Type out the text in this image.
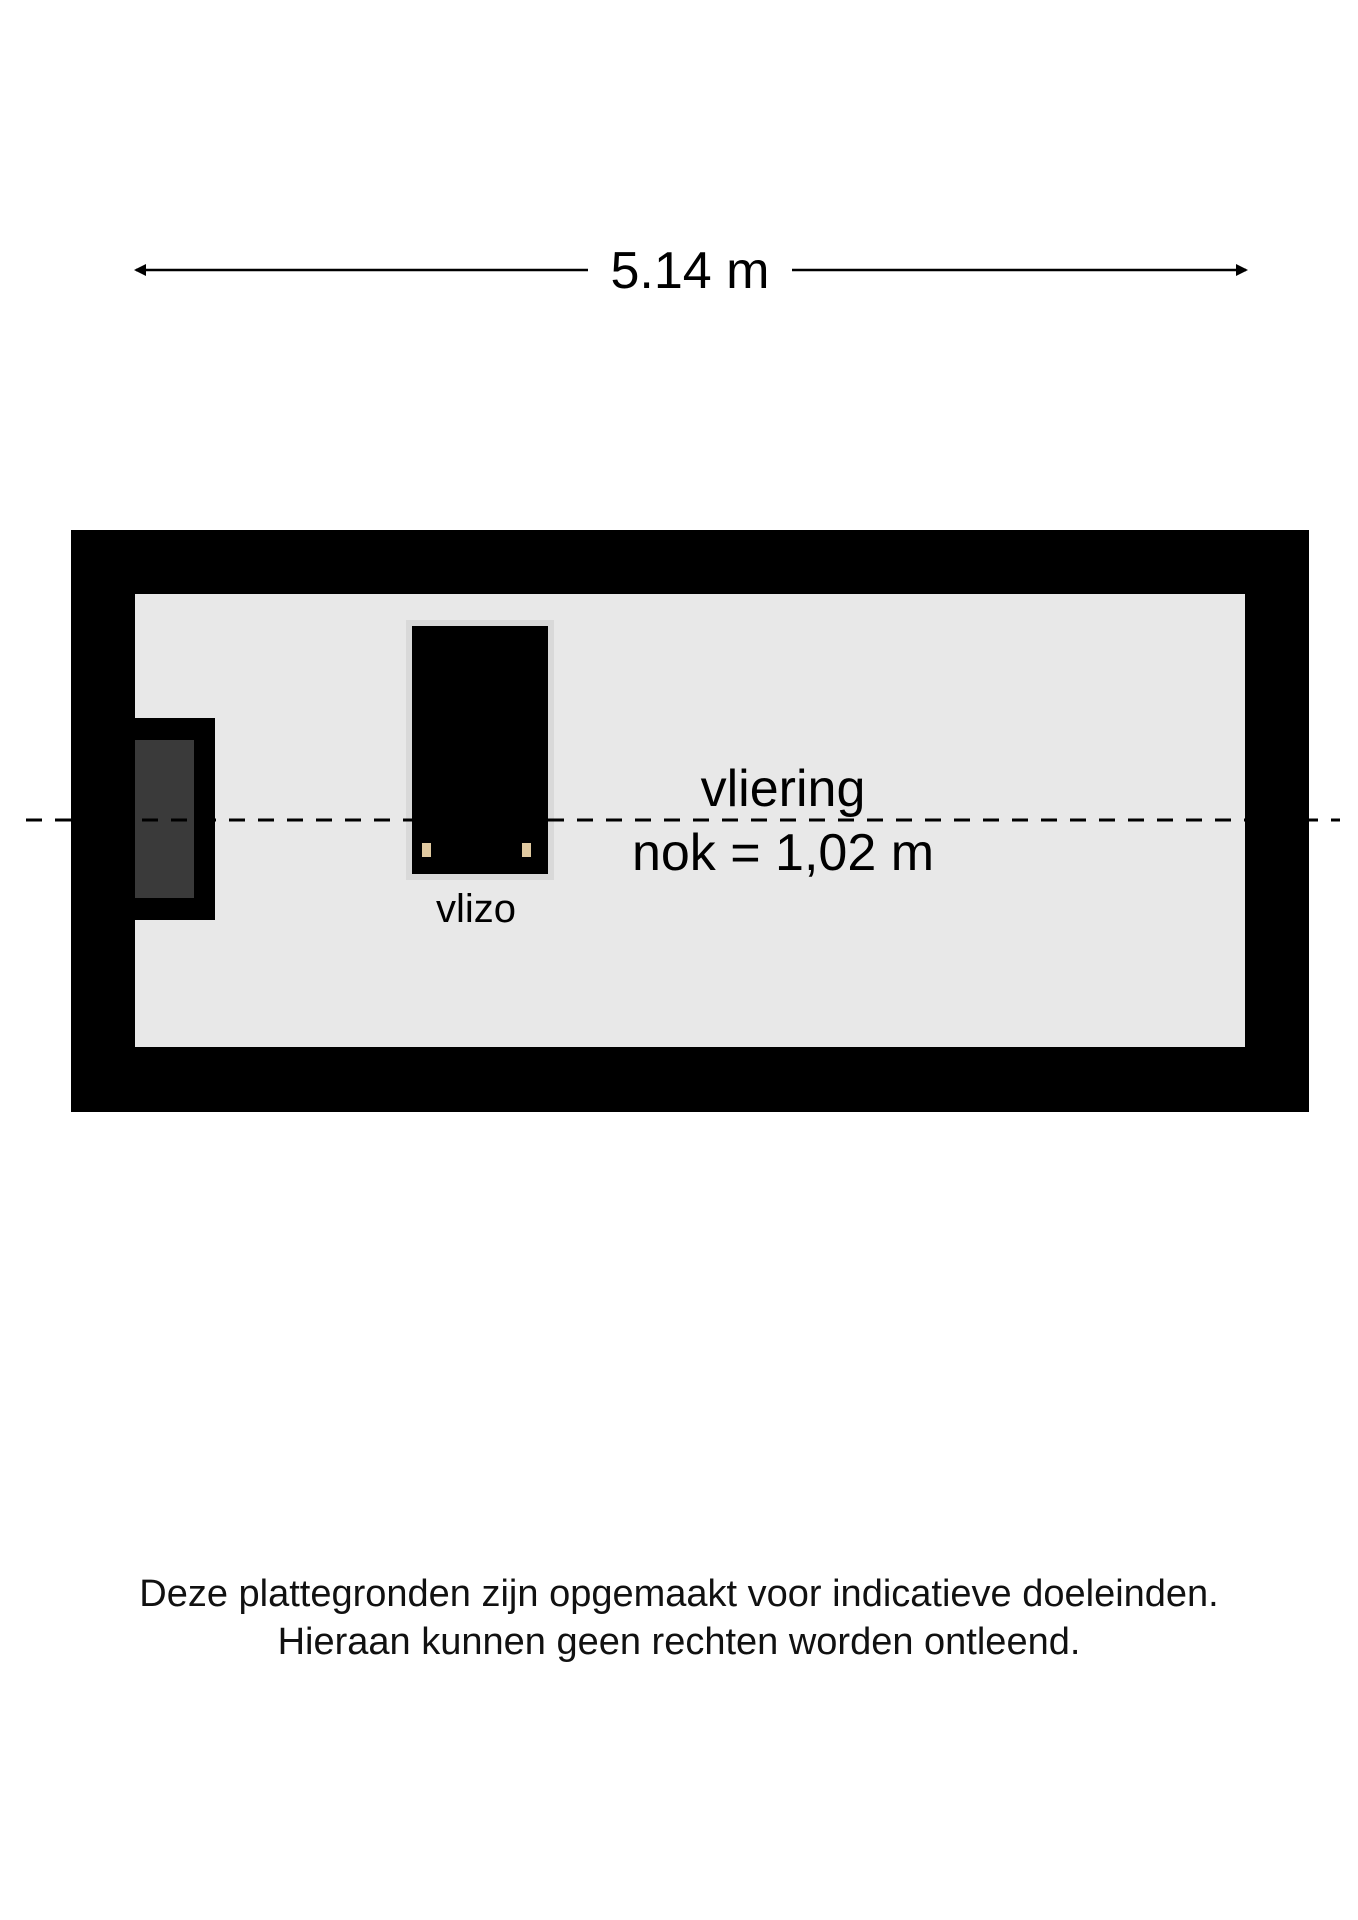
5.14 m
vliering
nok = 1,02 m
vlizo
Deze plattegronden zijn opgemaakt voor indicatieve doeleinden.
Hieraan kunnen geen rechten worden ontleend.
